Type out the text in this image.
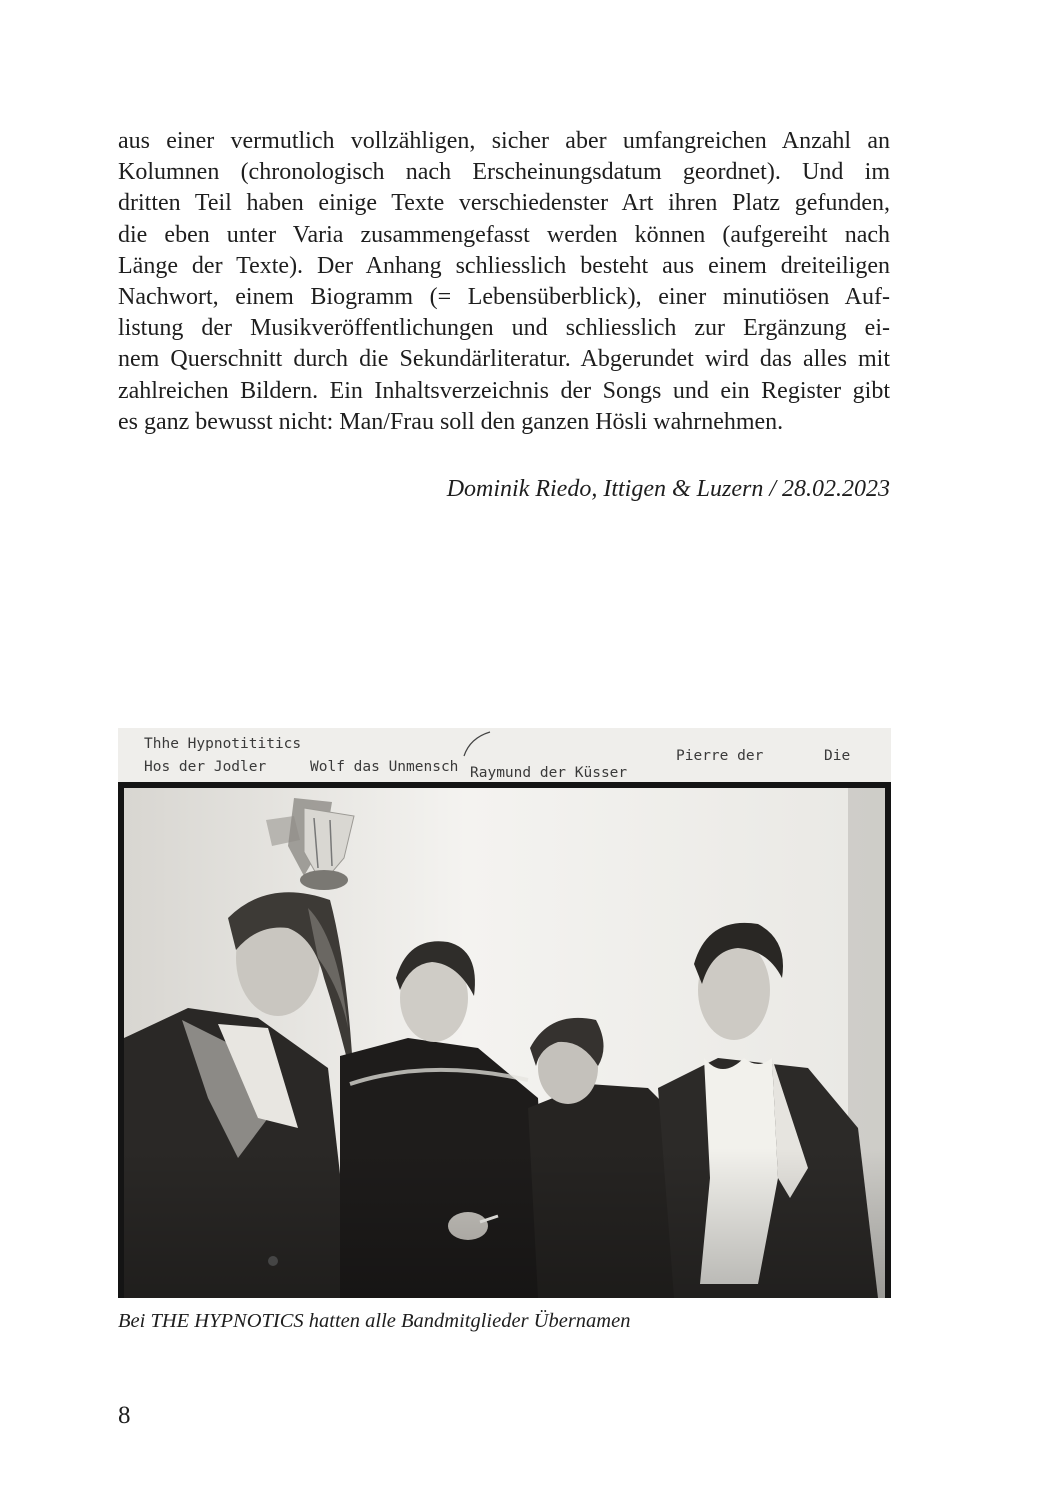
aus einer vermutlich vollzähligen, sicher aber umfangreichen Anzahl an
Kolumnen (chronologisch nach Erscheinungsdatum geordnet). Und im
dritten Teil haben einige Texte verschiedenster Art ihren Platz gefunden,
die eben unter Varia zusammengefasst werden können (aufgereiht nach
Länge der Texte). Der Anhang schliesslich besteht aus einem dreiteiligen
Nachwort, einem Biogramm (= Lebensüberblick), einer minutiösen Auf-
listung der Musikveröffentlichungen und schliesslich zur Ergänzung ei-
nem Querschnitt durch die Sekundärliteratur. Abgerundet wird das alles mit
zahlreichen Bildern. Ein Inhaltsverzeichnis der Songs und ein Register gibt
es ganz bewusst nicht: Man/Frau soll den ganzen Hösli wahrnehmen.

Dominik Riedo, Ittigen & Luzern / 28.02.2023
Thhe Hypnotititics
Hos der Jodler	Wolf das Unmensch Raymund der Küsser
Pierre der	Die
Bei THE HYPNOTICS hatten alle Bandmitglieder Übernamen
8
